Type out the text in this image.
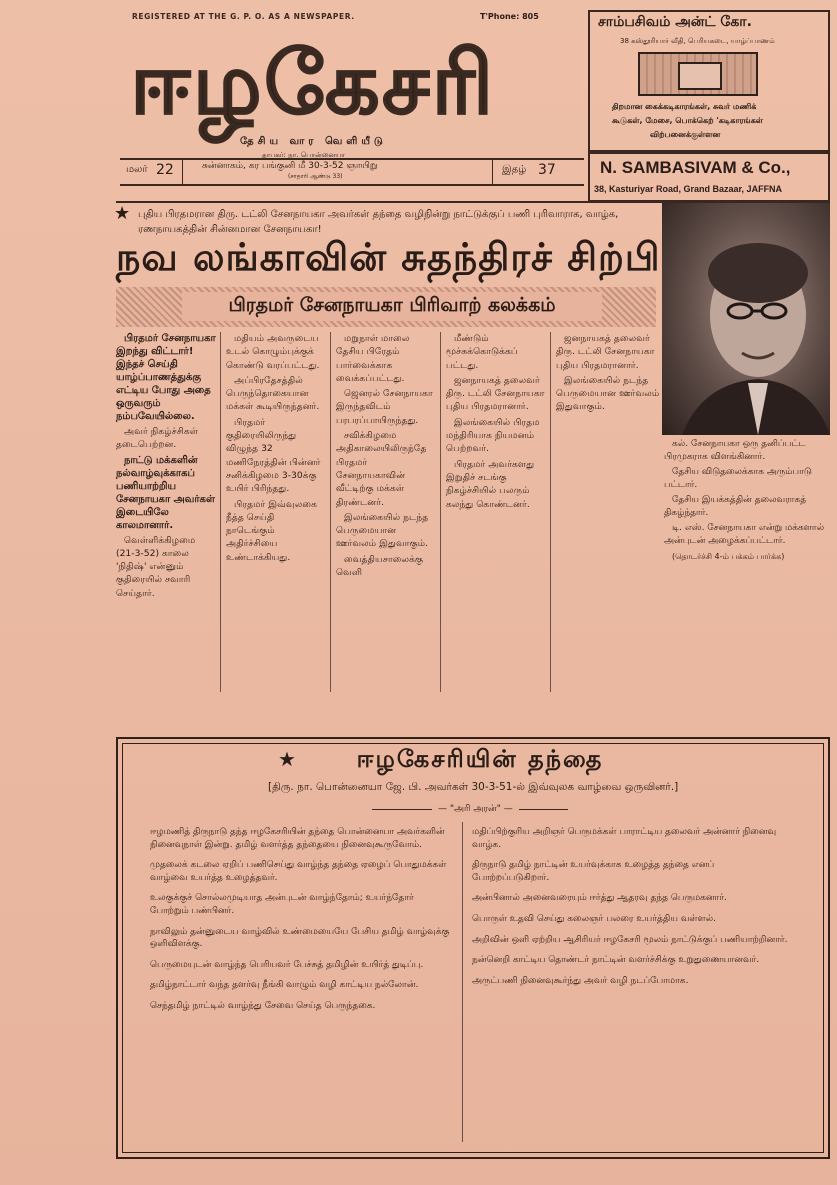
REGISTERED AT THE G. P. O. AS A NEWSPAPER.	T'Phone: 805
ஈழகேசரி
தேசிய வார வெளியீடு
தாபகர்: நா. பொன்னையா
சாம்பசிவம் அன்ட் கோ.
38 கஸ்தூரியார் வீதி, பெரியகடை, யாழ்ப்பாணம்
திறமான கைக்கடிகாரங்கள், சுவர் மணிக்
கூடுகள், மேசை, பொக்கெற் 'கடிகாரங்கள்
விற்பனைக்குள்ளன
மலர் 22	சுன்னாகம், கர பங்குனி மீ 30-3-52 ஞாயிறு
(சாதாரி ஆண்டு 33)
இதழ் 37	N. SAMBASIVAM & Co.,
38, Kasturiyar Road, Grand Bazaar, JAFFNA
★ புதிய பிரதமரான திரு. டட்லி சேனநாயகா அவர்கள் தந்தை வழிநின்று நாட்டுக்குப் பணி புரிவாராக, வாழ்க, ரணநாயகத்தின் சின்னமான சேனநாயகா!
நவ லங்காவின் சுதந்திரச் சிற்பி
பிரதமர் சேனநாயகா பிரிவாற் கலக்கம்

பிரதமர் சேனநாயகா இறந்து விட்டார்! இந்தச் செய்தி யாழ்ப்பாணத்துக்கு எட்டிய போது அதை ஒருவரும் நம்பவேயில்லை.

அவர் நிகழ்ச்சிகள் தடைபெற்றன.

நாட்டு மக்களின் நல்வாழ்வுக்காகப் பணியாற்றிய சேனநாயகா அவர்கள் இடையிலே காலமானார்.

வெள்ளிக்கிழமை (21-3-52) காலை 'நிதிஷ்' என்னும் குதிரையில் சவாரி செய்தார்.

மதியம் அவருடைய உடல் கொழும்புக்குக் கொண்டு வரப்பட்டது.

அப்பிரதேசத்தில் பெருந்தொகையான மக்கள் கூடியிருந்தனர்.

பிரதமர் குதிரையிலிருந்து விழுந்த 32 மணிநேரத்தின் பின்னர் சனிக்கிழமை 3-30க்கு உயிர் பிரிந்தது.

பிரதமர் இவ்வுலகை நீத்த செய்தி நாடெங்கும் அதிர்ச்சியை உண்டாக்கியது.

மறுநாள் மாலை தேசிய பிரேதம் பார்வைக்காக வைக்கப்பட்டது.

ஜெனரல் சேனநாயகா இருந்தவிடம் பரபரப்பாயிருந்தது.

சவிக்கிழமை அதிகாலையிலிருந்தே பிரதமர் சேனநாயகாவின் வீட்டிற்கு மக்கள் திரண்டனர்.

இலங்கையில் நடந்த பெருமையான ஊர்வலம் இதுவாகும்.

வைத்தியசாலைக்கு வெளி

மீண்டும் மூச்சுக்கொடுக்கப் பட்டது.

ஜனநாயகத் தலைவர் திரு. டட்லி சேனநாயகா புதிய பிரதமரானார்.

இலங்கையில் பிரதம மந்திரியாக நியமனம் பெற்றவர்.

பிரதமர் அவர்களது இறுதிச் சடங்கு நிகழ்ச்சியில் பலரும் கலந்து கொண்டனர்.

ஜனநாயகத் தலைவர் திரு. டட்லி சேனநாயகா புதிய பிரதமரானார்.

இலங்கையில் நடந்த பெருமையான ஊர்வலம் இதுவாகும்.

கல். சேனநாயகா ஒரு தனிப்பட்ட பிரமுகராக விளங்கினார்.

தேசிய விடுதலைக்காக அரும்பாடு பட்டார்.

தேசிய இயக்கத்தின் தலைவராகத் திகழ்ந்தார்.

டி. எஸ். சேனநாயகா என்று மக்களால் அன்புடன் அழைக்கப்பட்டார்.

(தொடர்ச்சி 4-ம் பக்கம் பார்க்க)

★	ஈழகேசரியின் தந்தை
[திரு. நா. பொன்னையா ஜே. பி. அவர்கள் 30-3-51-ல் இவ்வுலக வாழ்வை ஒருவினர்.]
— "அரி அரன்" —

ஈழமணித் திருநாடு தந்த ஈழகேசரியின் தந்தை பொன்னையா அவர்களின் நினைவுநாள் இன்று. தமிழ் வளர்த்த தந்தையை நினைவுகூருவோம்.

முதலைக் கடலை ஏறிப் பணிசெய்து வாழ்ந்த தந்தை ஏழைப் பொதுமக்கள் வாழ்வை உயர்த்த உழைத்தவர்.

உலகுக்குச் சொல்லமுடியாத அன்புடன் வாழ்ந்தோம்; உயர்ந்தோர் போற்றும் பண்பினர்.

நாவிலும் தன்னுடைய வாழ்வில் உண்மையையே பேசிய தமிழ் வாழ்வுக்கு ஒளிவிளக்கு.

பெருமையுடன் வாழ்ந்த பெரியவர் பேச்சுத் தமிழின் உயிர்த் துடிப்பு.

தமிழ்நாட்டார் வந்த தளர்வு நீங்கி வாழும் வழி காட்டிய நல்லோன்.

செந்தமிழ் நாட்டில் வாழ்ந்து சேவை செய்த பெருந்தகை.

மதிப்பிற்குரிய அறிஞர் பெருமக்கள் பாராட்டிய தலைவர் அன்னார் நினைவு வாழ்க.

திருநாடு தமிழ் நாட்டின் உயர்வுக்காக உழைத்த தந்தை எனப் போற்றப்படுகிறார்.

அன்பினால் அனைவரையும் ஈர்த்து ஆதரவு தந்த பெருமகனார்.

பொருள் உதவி செய்து கலைஞர் பலரை உயர்த்திய வள்ளல்.

அறிவின் ஒளி ஏற்றிய ஆசிரியர் ஈழகேசரி மூலம் நாட்டுக்குப் பணியாற்றினார்.

நன்னெறி காட்டிய தொண்டர் நாட்டின் வளர்ச்சிக்கு உறுதுணையானவர்.

அருட்பணி நினைவுகூர்ந்து அவர் வழி நடப்போமாக.
